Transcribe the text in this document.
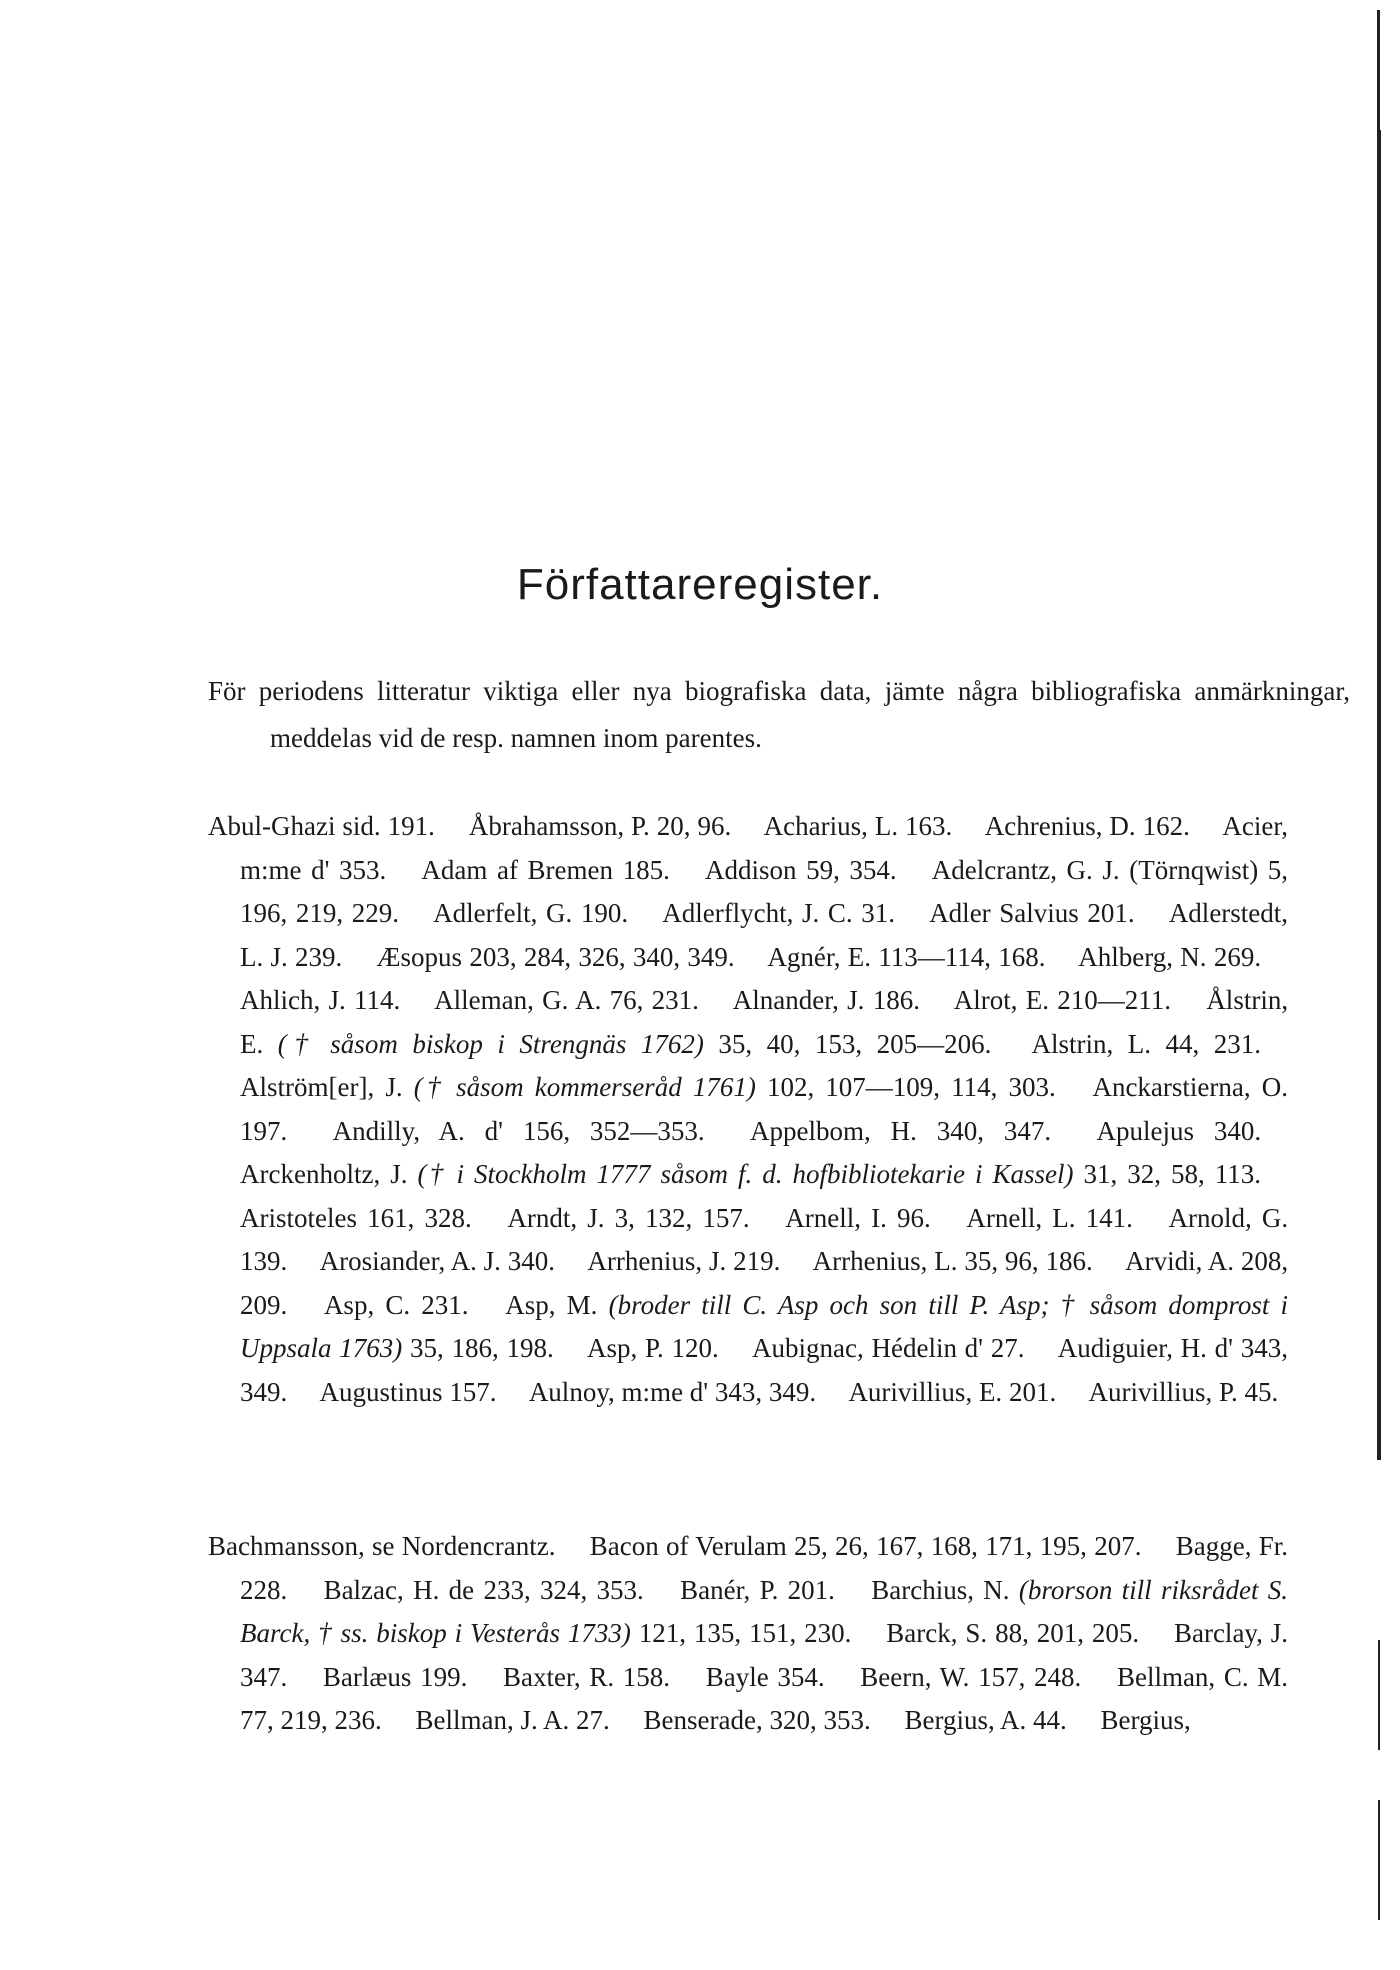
Författareregister.

För periodens litteratur viktiga eller nya biografiska data, jämte några bibliografiska anmärkningar, meddelas vid de resp. namnen inom parentes.

Abul-Ghazi sid. 191.  Åbrahamsson, P. 20, 96.  Acharius, L. 163.  Achrenius, D. 162.  Acier, m:me d' 353.  Adam af Bremen 185.  Addison 59, 354.  Adelcrantz, G. J. (Törnqwist) 5, 196, 219, 229.  Adlerfelt, G. 190.  Adlerflycht, J. C. 31.  Adler Salvius 201.  Adlerstedt, L. J. 239.  Æsopus 203, 284, 326, 340, 349.  Agnér, E. 113—114, 168.  Ahlberg, N. 269.  Ahlich, J. 114.  Alleman, G. A. 76, 231.  Alnander, J. 186.  Alrot, E. 210—211.  Ålstrin, E. († såsom biskop i Strengnäs 1762) 35, 40, 153, 205—206.  Alstrin, L. 44, 231.  Alström[er], J. († såsom kommerseråd 1761) 102, 107—109, 114, 303.  Anckarstierna, O. 197.  Andilly, A. d' 156, 352—353.  Appelbom, H. 340, 347.  Apulejus 340.  Arckenholtz, J. († i Stockholm 1777 såsom f. d. hofbibliotekarie i Kassel) 31, 32, 58, 113.  Aristoteles 161, 328.  Arndt, J. 3, 132, 157.  Arnell, I. 96.  Arnell, L. 141.  Arnold, G. 139.  Arosiander, A. J. 340.  Arrhenius, J. 219.  Arrhenius, L. 35, 96, 186.  Arvidi, A. 208, 209.  Asp, C. 231.  Asp, M. (broder till C. Asp och son till P. Asp; † såsom domprost i Uppsala 1763) 35, 186, 198.  Asp, P. 120.  Aubignac, Hédelin d' 27.  Audiguier, H. d' 343, 349.  Augustinus 157.  Aulnoy, m:me d' 343, 349.  Aurivillius, E. 201.  Aurivillius, P. 45.

Bachmansson, se Nordencrantz.  Bacon of Verulam 25, 26, 167, 168, 171, 195, 207.  Bagge, Fr. 228.  Balzac, H. de 233, 324, 353.  Banér, P. 201.  Barchius, N. (brorson till riksrådet S. Barck, † ss. biskop i Vesterås 1733) 121, 135, 151, 230.  Barck, S. 88, 201, 205.  Barclay, J. 347.  Barlæus 199.  Baxter, R. 158.  Bayle 354.  Beern, W. 157, 248.  Bellman, C. M. 77, 219, 236.  Bellman, J. A. 27.  Benserade, 320, 353.  Bergius, A. 44.  Bergius,
